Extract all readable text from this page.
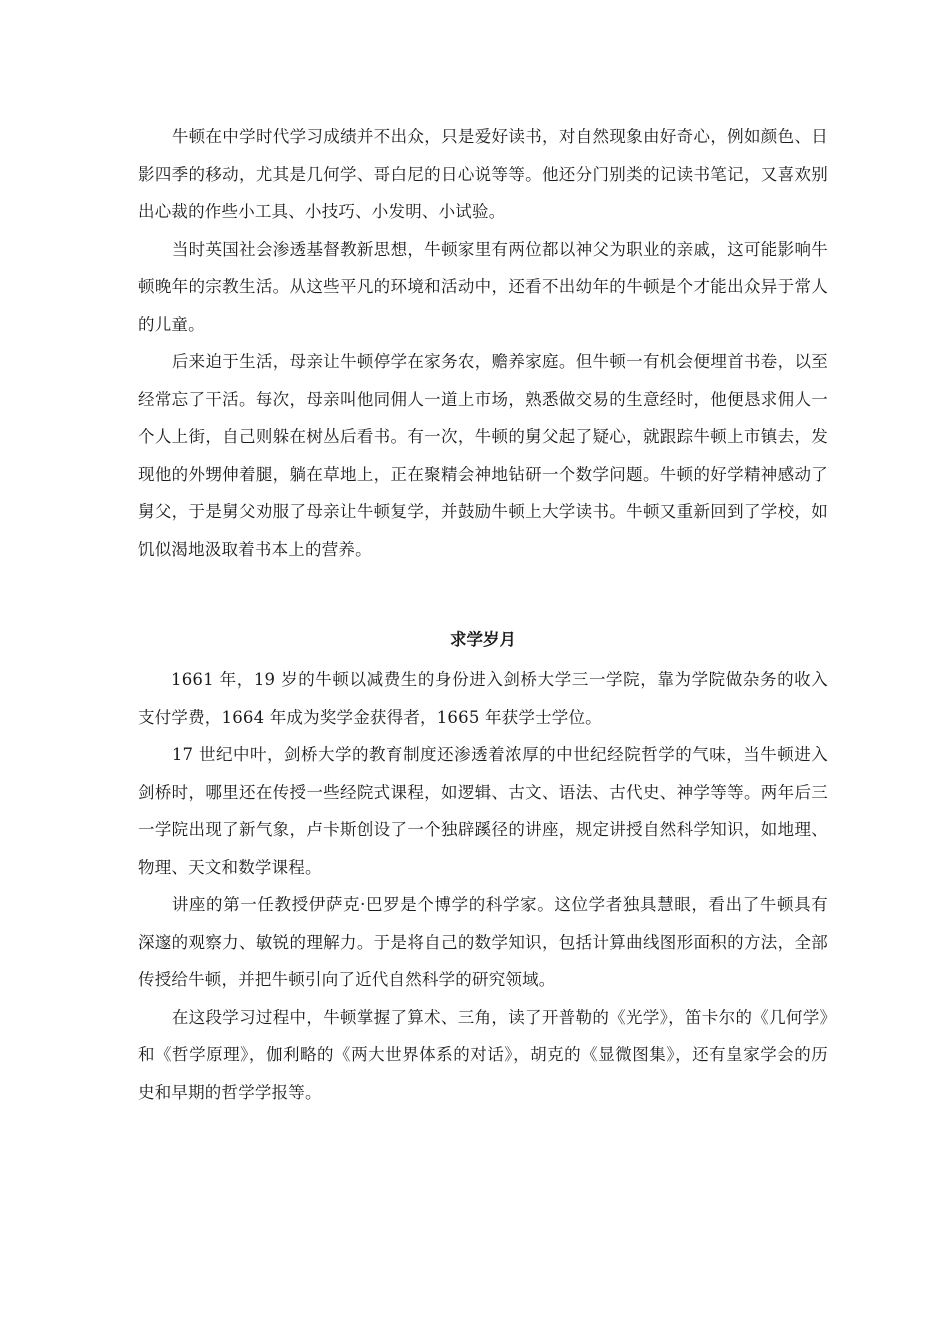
牛顿在中学时代学习成绩并不出众，只是爱好读书，对自然现象由好奇心，例如颜色、日影四季的移动，尤其是几何学、哥白尼的日心说等等。他还分门别类的记读书笔记，又喜欢别出心裁的作些小工具、小技巧、小发明、小试验。

当时英国社会渗透基督教新思想，牛顿家里有两位都以神父为职业的亲戚，这可能影响牛顿晚年的宗教生活。从这些平凡的环境和活动中，还看不出幼年的牛顿是个才能出众异于常人的儿童。

后来迫于生活，母亲让牛顿停学在家务农，赡养家庭。但牛顿一有机会便埋首书卷，以至经常忘了干活。每次，母亲叫他同佣人一道上市场，熟悉做交易的生意经时，他便恳求佣人一个人上街，自己则躲在树丛后看书。有一次，牛顿的舅父起了疑心，就跟踪牛顿上市镇去，发现他的外甥伸着腿，躺在草地上，正在聚精会神地钻研一个数学问题。牛顿的好学精神感动了舅父，于是舅父劝服了母亲让牛顿复学，并鼓励牛顿上大学读书。牛顿又重新回到了学校，如饥似渴地汲取着书本上的营养。

求学岁月

1661 年，19 岁的牛顿以减费生的身份进入剑桥大学三一学院，靠为学院做杂务的收入支付学费，1664 年成为奖学金获得者，1665 年获学士学位。

17 世纪中叶，剑桥大学的教育制度还渗透着浓厚的中世纪经院哲学的气味，当牛顿进入剑桥时，哪里还在传授一些经院式课程，如逻辑、古文、语法、古代史、神学等等。两年后三一学院出现了新气象，卢卡斯创设了一个独辟蹊径的讲座，规定讲授自然科学知识，如地理、物理、天文和数学课程。

讲座的第一任教授伊萨克·巴罗是个博学的科学家。这位学者独具慧眼，看出了牛顿具有深邃的观察力、敏锐的理解力。于是将自己的数学知识，包括计算曲线图形面积的方法，全部传授给牛顿，并把牛顿引向了近代自然科学的研究领域。

在这段学习过程中，牛顿掌握了算术、三角，读了开普勒的《光学》，笛卡尔的《几何学》和《哲学原理》，伽利略的《两大世界体系的对话》，胡克的《显微图集》，还有皇家学会的历史和早期的哲学学报等。
